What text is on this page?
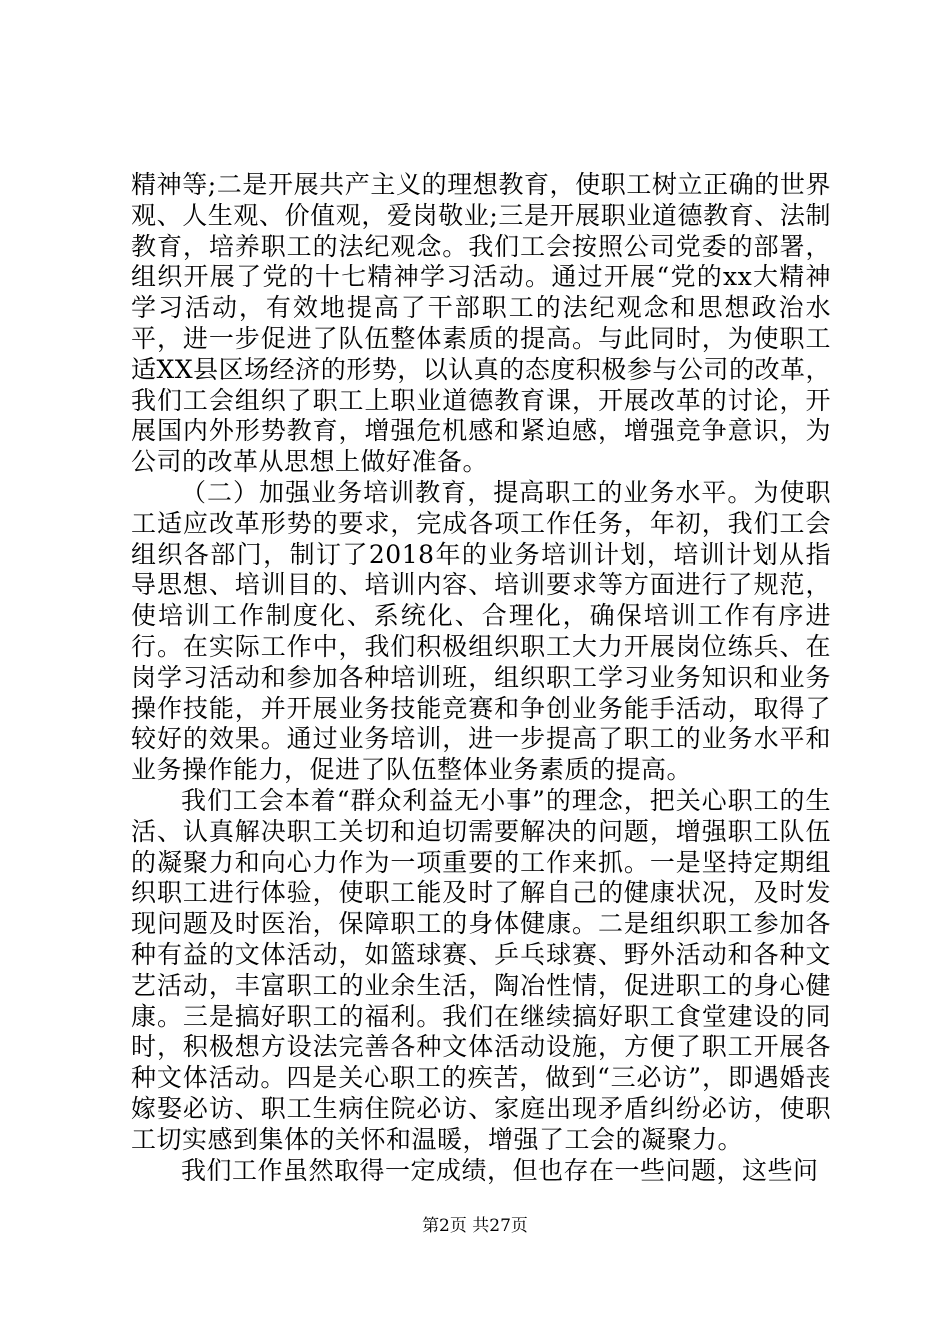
精神等;二是开展共产主义的理想教育，使职工树立正确的世界观、人生观、价值观，爱岗敬业;三是开展职业道德教育、法制教育，培养职工的法纪观念。我们工会按照公司党委的部署，组织开展了党的十七精神学习活动。通过开展“党的xx大精神学习活动，有效地提高了干部职工的法纪观念和思想政治水平，进一步促进了队伍整体素质的提高。与此同时，为使职工适XX县区场经济的形势，以认真的态度积极参与公司的改革，我们工会组织了职工上职业道德教育课，开展改革的讨论，开展国内外形势教育，增强危机感和紧迫感，增强竞争意识，为公司的改革从思想上做好准备。

（二）加强业务培训教育，提高职工的业务水平。为使职工适应改革形势的要求，完成各项工作任务，年初，我们工会组织各部门，制订了2018年的业务培训计划，培训计划从指导思想、培训目的、培训内容、培训要求等方面进行了规范，使培训工作制度化、系统化、合理化，确保培训工作有序进行。在实际工作中，我们积极组织职工大力开展岗位练兵、在岗学习活动和参加各种培训班，组织职工学习业务知识和业务操作技能，并开展业务技能竞赛和争创业务能手活动，取得了较好的效果。通过业务培训，进一步提高了职工的业务水平和业务操作能力，促进了队伍整体业务素质的提高。

我们工会本着“群众利益无小事”的理念，把关心职工的生活、认真解决职工关切和迫切需要解决的问题，增强职工队伍的凝聚力和向心力作为一项重要的工作来抓。一是坚持定期组织职工进行体验，使职工能及时了解自己的健康状况，及时发现问题及时医治，保障职工的身体健康。二是组织职工参加各种有益的文体活动，如篮球赛、乒乓球赛、野外活动和各种文艺活动，丰富职工的业余生活，陶冶性情，促进职工的身心健康。三是搞好职工的福利。我们在继续搞好职工食堂建设的同时，积极想方设法完善各种文体活动设施，方便了职工开展各种文体活动。四是关心职工的疾苦，做到“三必访”，即遇婚丧嫁娶必访、职工生病住院必访、家庭出现矛盾纠纷必访，使职工切实感到集体的关怀和温暖，增强了工会的凝聚力。

我们工作虽然取得一定成绩，但也存在一些问题，这些问

第2页 共27页
